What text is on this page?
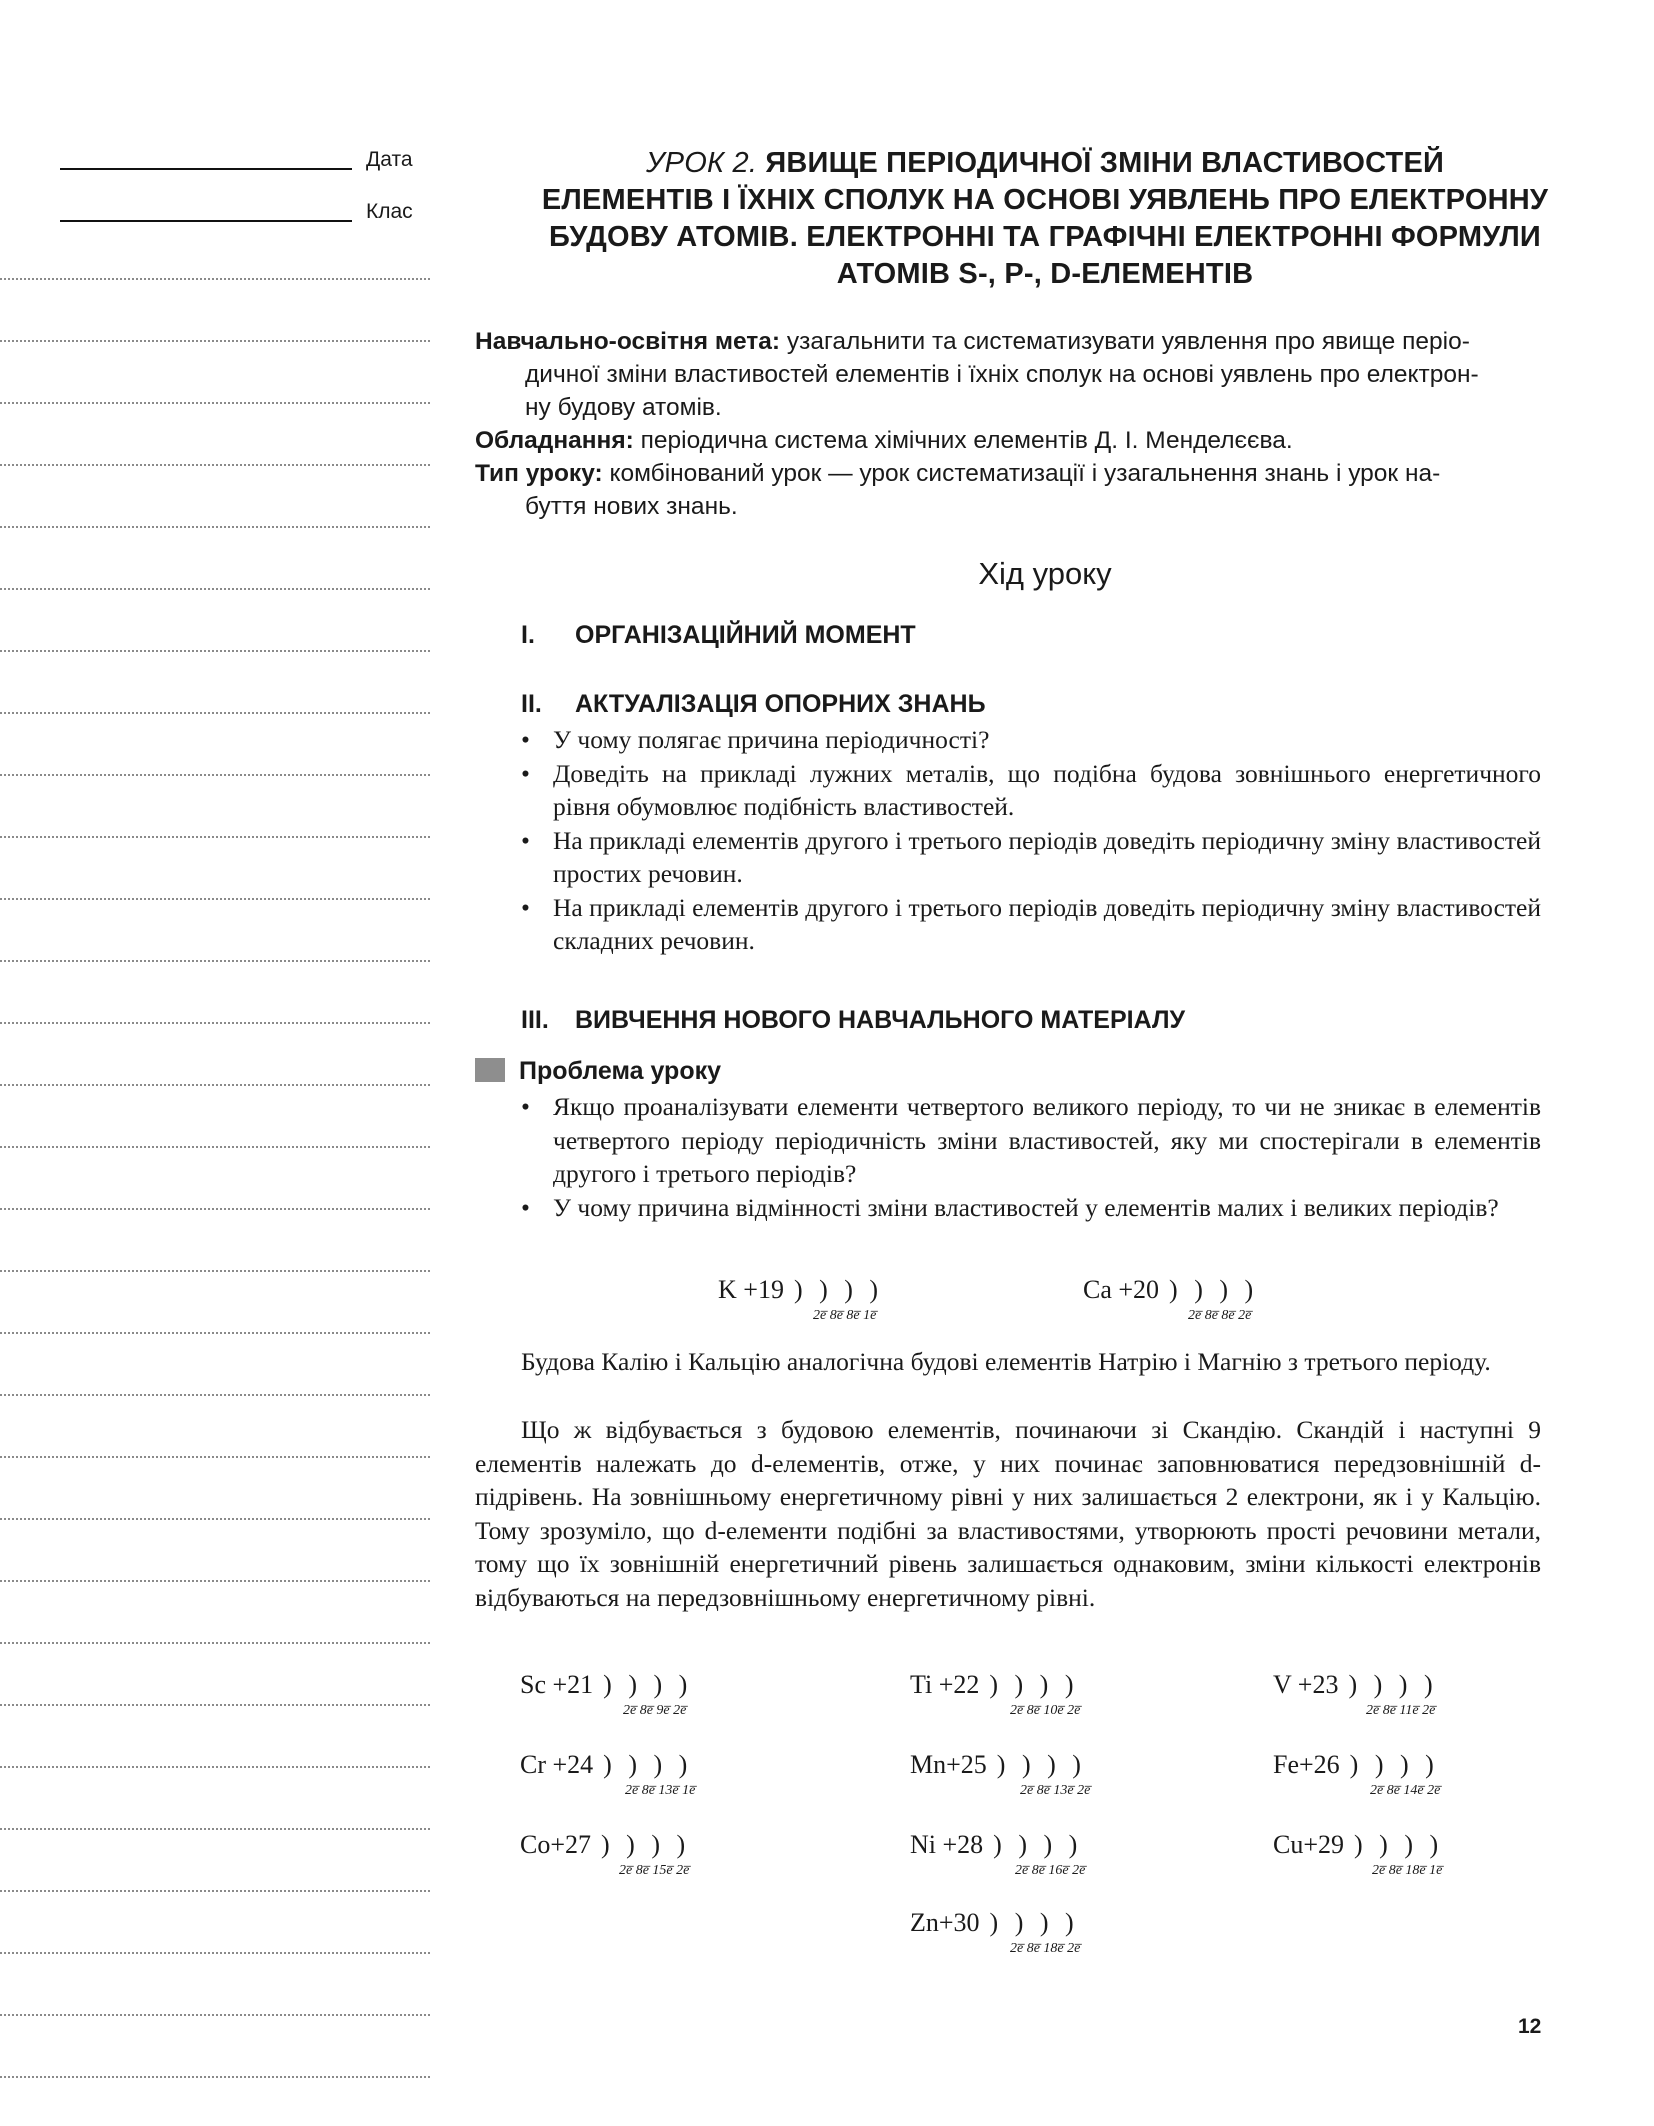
Дата
Клас
УРОК 2. ЯВИЩЕ ПЕРІОДИЧНОЇ ЗМІНИ ВЛАСТИВОСТЕЙ
ЕЛЕМЕНТІВ І ЇХНІХ СПОЛУК НА ОСНОВІ УЯВЛЕНЬ ПРО ЕЛЕКТРОННУ
БУДОВУ АТОМІВ. ЕЛЕКТРОННІ ТА ГРАФІЧНІ ЕЛЕКТРОННІ ФОРМУЛИ
АТОМІВ S-, P-, D-ЕЛЕМЕНТІВ
Навчально-освітня мета: узагальнити та систематизувати уявлення про явище періо-
дичної зміни властивостей елементів і їхніх сполук на основі уявлень про електрон-
ну будову атомів.
Обладнання: періодична система хімічних елементів Д. І. Менделєєва.
Тип уроку: комбінований урок — урок систематизації і узагальнення знань і урок на-
буття нових знань.
Хід уроку
I. ОРГАНІЗАЦІЙНИЙ МОМЕНТ
II. АКТУАЛІЗАЦІЯ ОПОРНИХ ЗНАНЬ
• У чому полягає причина періодичності?
• Доведіть на прикладі лужних металів, що подібна будова зовнішнього енергетичного рівня обумовлює подібність властивостей.
• На прикладі елементів другого і третього періодів доведіть періодичну зміну властивостей простих речовин.
• На прикладі елементів другого і третього періодів доведіть періодичну зміну властивостей складних речовин.
III. ВИВЧЕННЯ НОВОГО НАВЧАЛЬНОГО МАТЕРІАЛУ
Проблема уроку
• Якщо проаналізувати елементи четвертого великого періоду, то чи не зникає в елементів четвертого періоду періодичність зміни властивостей, яку ми спостерігали в елементів другого і третього періодів?
• У чому причина відмінності зміни властивостей у елементів малих і великих періодів?
K +19 ) ) ) )
2e̅ 8e̅ 8e̅ 1e̅
Ca +20 ) ) ) )
2e̅ 8e̅ 8e̅ 2e̅

Будова Калію і Кальцію аналогічна будові елементів Натрію і Магнію з третього періоду.

Що ж відбувається з будовою елементів, починаючи зі Скандію. Скандій і наступні 9 елементів належать до d-елементів, отже, у них починає заповнюватися передзовнішній d-підрівень. На зовнішньому енергетичному рівні у них залишається 2 електрони, як і у Кальцію. Тому зрозуміло, що d-елементи подібні за властивостями, утворюють прості речовини метали, тому що їх зовнішній енергетичний рівень залишається однаковим, зміни кількості електронів відбуваються на передзовнішньому енергетичному рівні.

Sc +21 ) ) ) )
2e̅ 8e̅ 9e̅ 2e̅
Ti +22 ) ) ) )
2e̅ 8e̅ 10e̅ 2e̅
V +23 ) ) ) )
2e̅ 8e̅ 11e̅ 2e̅
Cr +24 ) ) ) )
2e̅ 8e̅ 13e̅ 1e̅
Mn+25 ) ) ) )
2e̅ 8e̅ 13e̅ 2e̅
Fe+26 ) ) ) )
2e̅ 8e̅ 14e̅ 2e̅
Co+27 ) ) ) )
2e̅ 8e̅ 15e̅ 2e̅
Ni +28 ) ) ) )
2e̅ 8e̅ 16e̅ 2e̅
Cu+29 ) ) ) )
2e̅ 8e̅ 18e̅ 1e̅
Zn+30 ) ) ) )
2e̅ 8e̅ 18e̅ 2e̅
12
